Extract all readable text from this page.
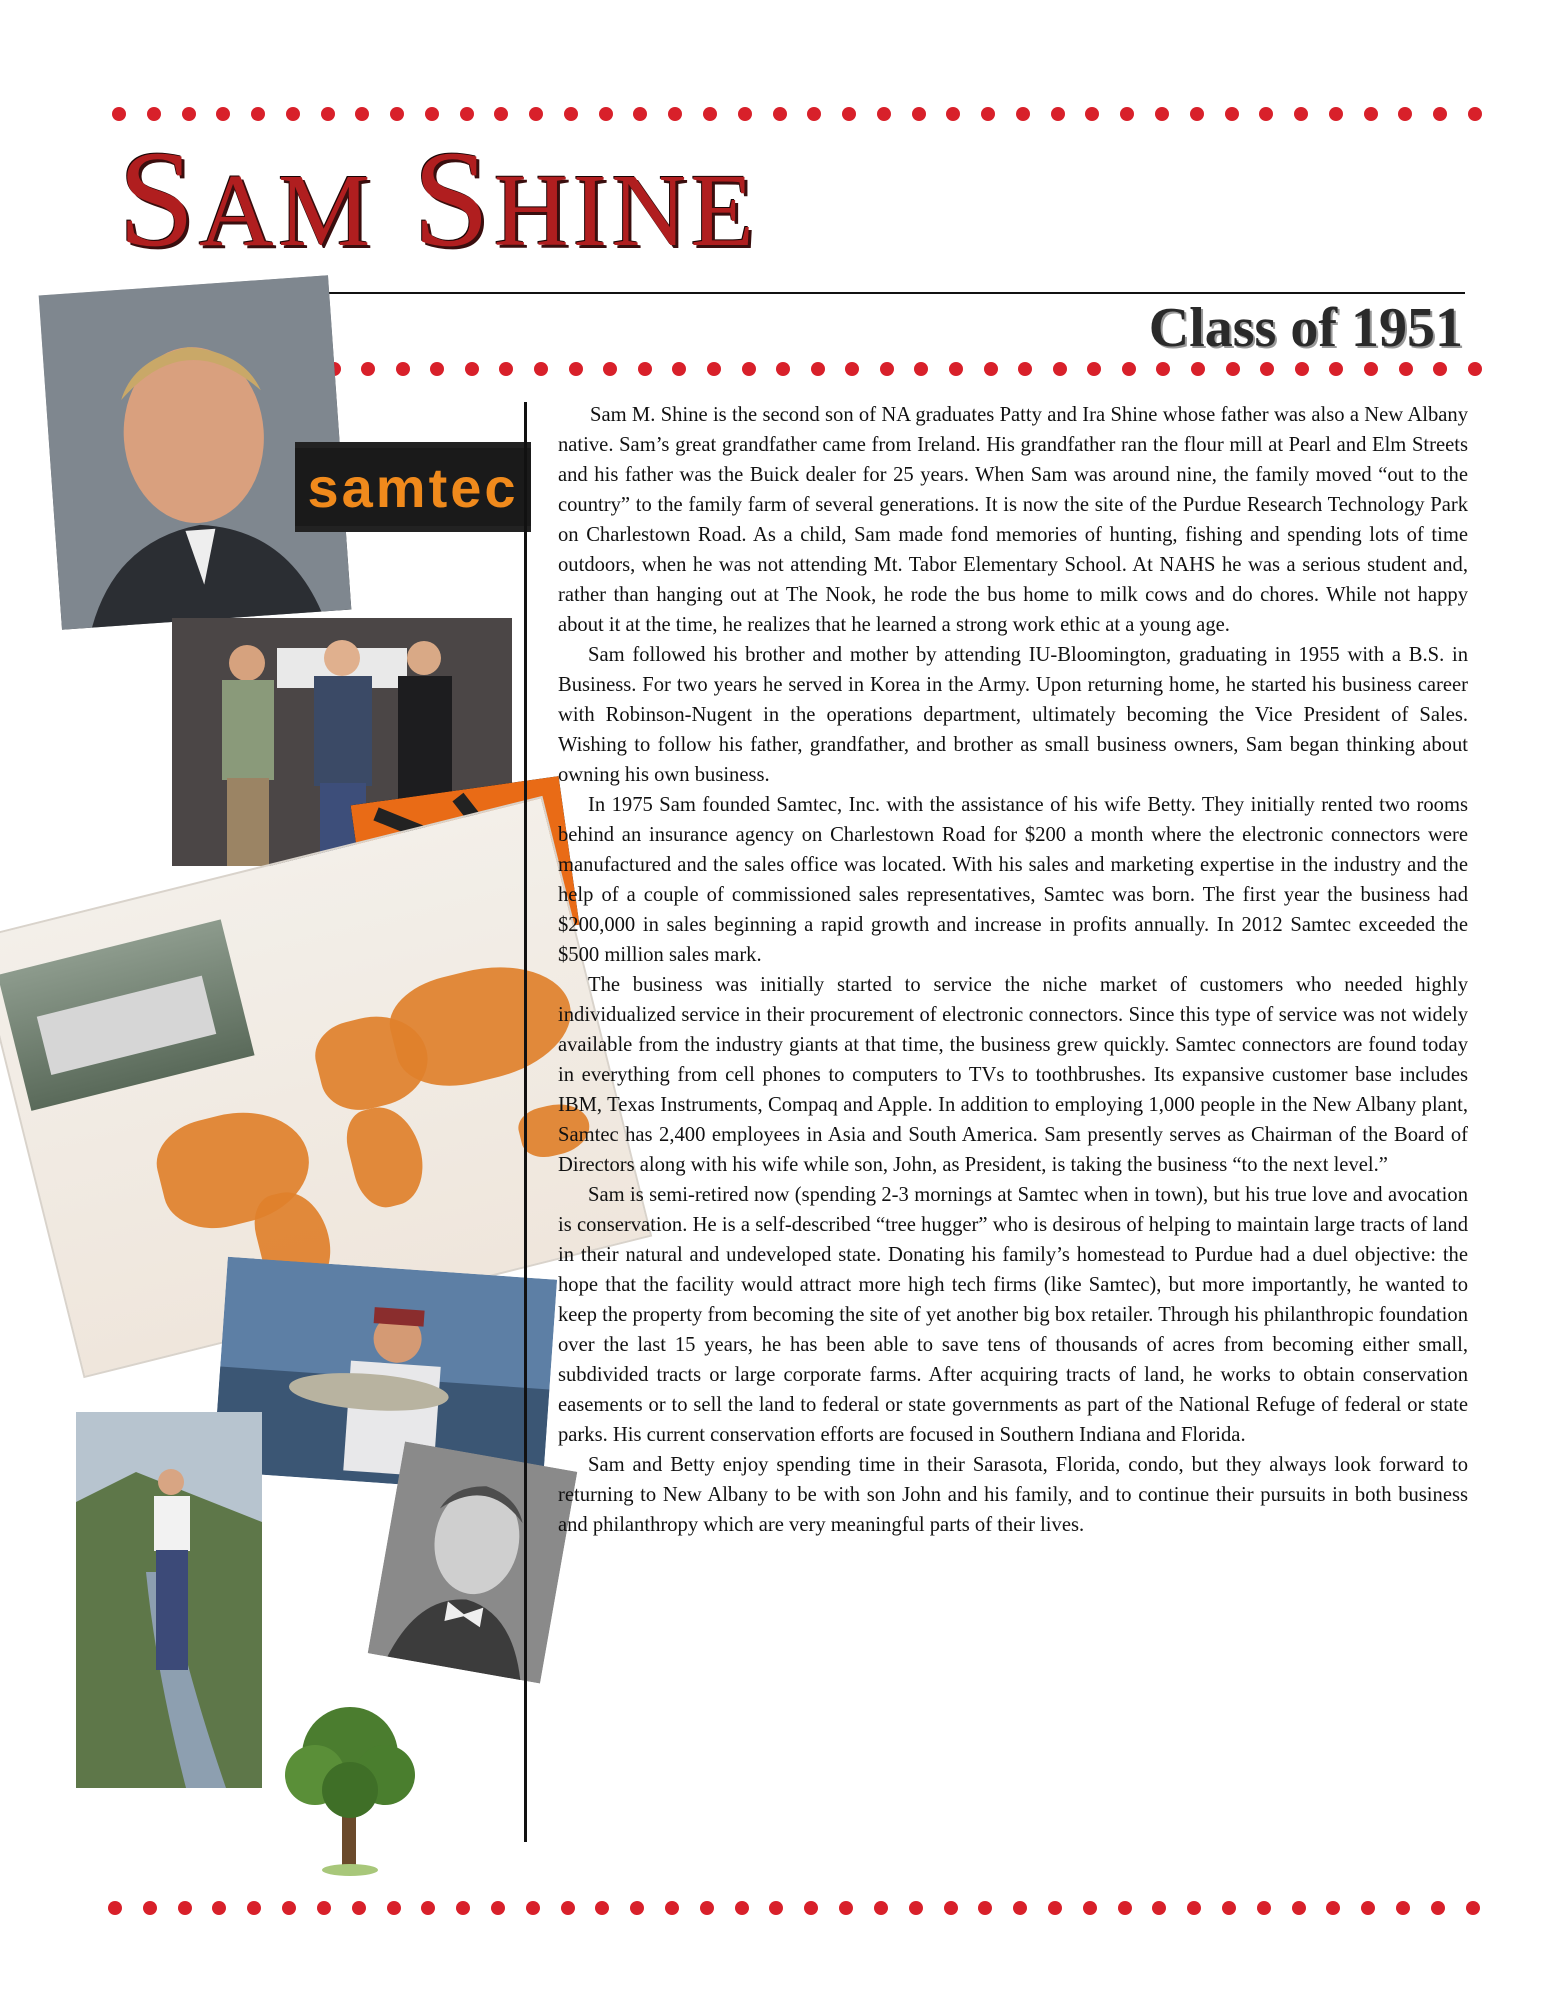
SAM SHINE
Class of 1951
samtec

Sam M. Shine is the second son of NA graduates Patty and Ira Shine whose father was also a New Albany native. Sam’s great grandfather came from Ireland. His grandfather ran the flour mill at Pearl and Elm Streets and his father was the Buick dealer for 25 years. When Sam was around nine, the family moved “out to the country” to the family farm of several generations. It is now the site of the Purdue Research Technology Park on Charlestown Road. As a child, Sam made fond memories of hunting, fishing and spending lots of time outdoors, when he was not attending Mt. Tabor Elementary School. At NAHS he was a serious student and, rather than hanging out at The Nook, he rode the bus home to milk cows and do chores. While not happy about it at the time, he realizes that he learned a strong work ethic at a young age.

Sam followed his brother and mother by attending IU-Bloomington, graduating in 1955 with a B.S. in Business. For two years he served in Korea in the Army. Upon returning home, he started his business career with Robinson-Nugent in the operations department, ultimately becoming the Vice President of Sales. Wishing to follow his father, grandfather, and brother as small business owners, Sam began thinking about owning his own business.

In 1975 Sam founded Samtec, Inc. with the assistance of his wife Betty. They initially rented two rooms behind an insurance agency on Charlestown Road for $200 a month where the electronic connectors were manufactured and the sales office was located. With his sales and marketing expertise in the industry and the help of a couple of commissioned sales representatives, Samtec was born. The first year the business had $200,000 in sales beginning a rapid growth and increase in profits annually. In 2012 Samtec exceeded the $500 million sales mark.

The business was initially started to service the niche market of customers who needed highly individualized service in their procurement of electronic connectors. Since this type of service was not widely available from the industry giants at that time, the business grew quickly. Samtec connectors are found today in everything from cell phones to computers to TVs to toothbrushes. Its expansive customer base includes IBM, Texas Instruments, Compaq and Apple. In addition to employing 1,000 people in the New Albany plant, Samtec has 2,400 employees in Asia and South America. Sam presently serves as Chairman of the Board of Directors along with his wife while son, John, as President, is taking the business “to the next level.”

Sam is semi-retired now (spending 2-3 mornings at Samtec when in town), but his true love and avocation is conservation. He is a self-described “tree hugger” who is desirous of helping to maintain large tracts of land in their natural and undeveloped state. Donating his family’s homestead to Purdue had a duel objective: the hope that the facility would attract more high tech firms (like Samtec), but more importantly, he wanted to keep the property from becoming the site of yet another big box retailer. Through his philanthropic foundation over the last 15 years, he has been able to save tens of thousands of acres from becoming either small, subdivided tracts or large corporate farms. After acquiring tracts of land, he works to obtain conservation easements or to sell the land to federal or state governments as part of the National Refuge of federal or state parks. His current conservation efforts are focused in Southern Indiana and Florida.

Sam and Betty enjoy spending time in their Sarasota, Florida, condo, but they always look forward to returning to New Albany to be with son John and his family, and to continue their pursuits in both business and philanthropy which are very meaningful parts of their lives.
